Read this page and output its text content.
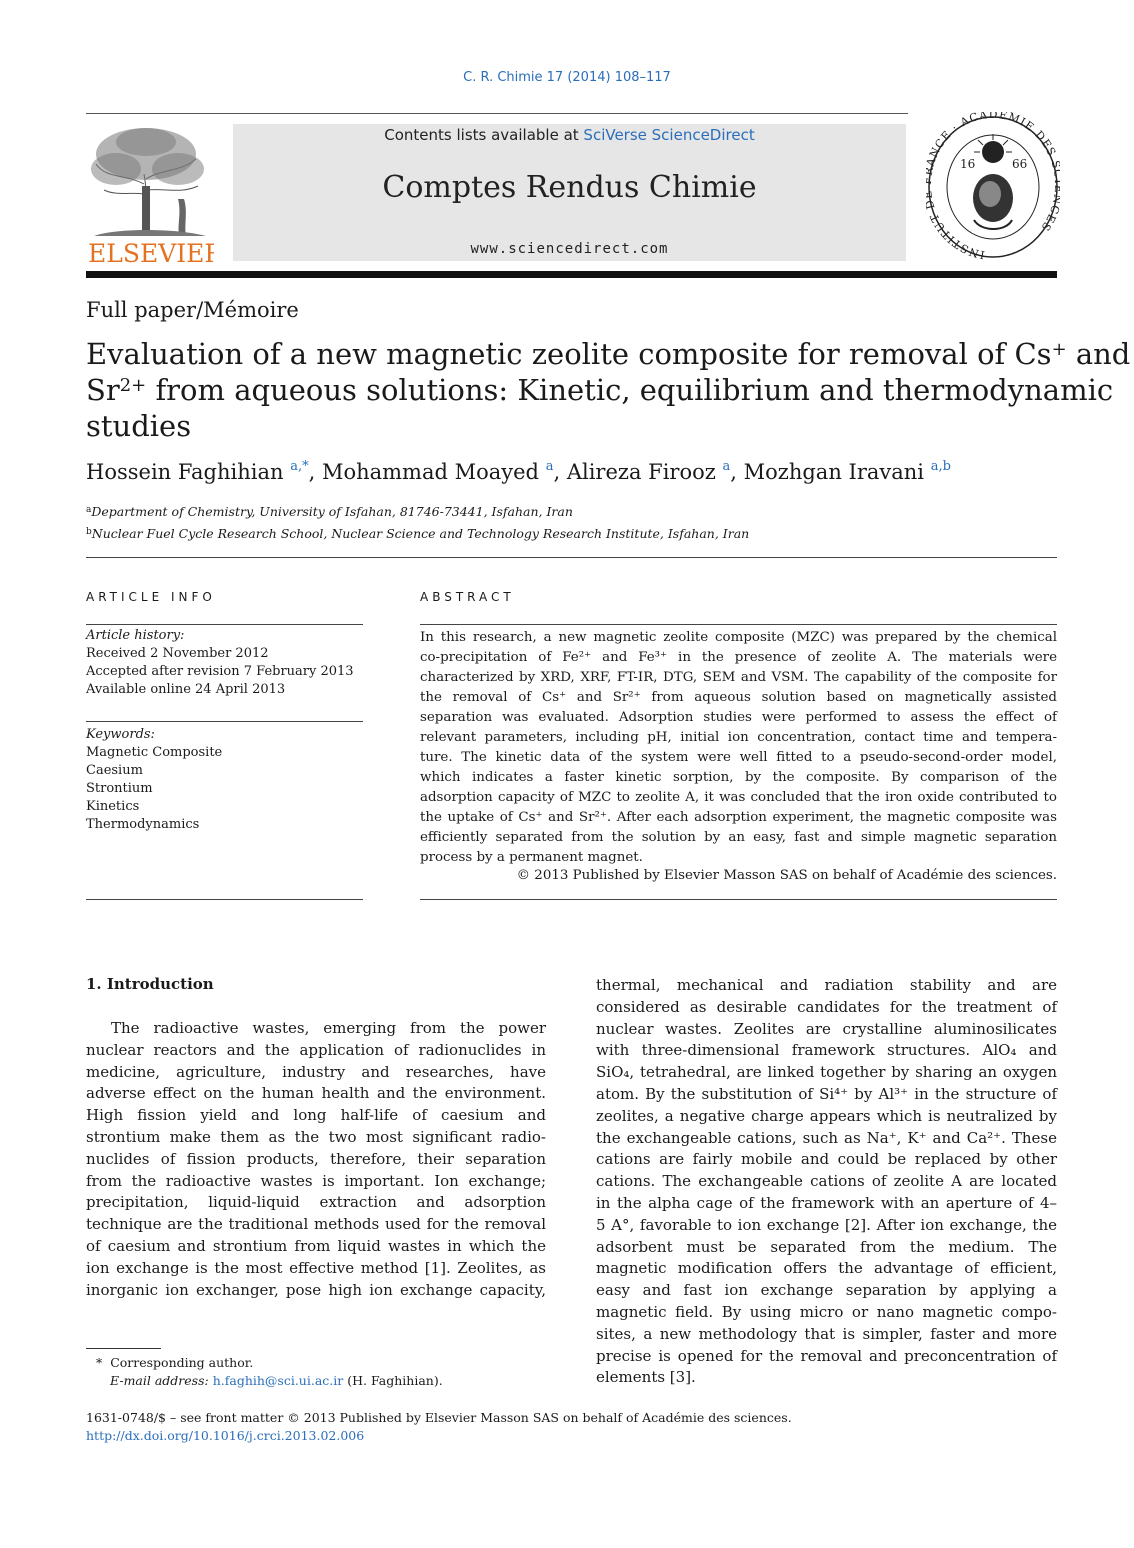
C. R. Chimie 17 (2014) 108–117
ELSEVIER
Contents lists available at SciVerse ScienceDirect
Comptes Rendus Chimie
www.sciencedirect.com	INSTITUT NCE · ACADÉMIE DES ES
16	66
Full paper/Mémoire

Evaluation of a new magnetic zeolite composite for removal of Cs+ and

$Sr^{2+}$ from aqueous solutions: Kinetic, equilibrium and thermodynamic

studies

Hossein Faghihian $^{a,*}$, Mohammad Moayed $^a$, Alireza Firooz $^a$, Mozhgan Iravani $^{a,b}$

$^a$Department of Chemistry, University of Isfahan, 81746-73441, Isfahan, Iran

$^b$Nuclear Fuel Cycle Research School, Nuclear Science and Technology Research Institute, Isfahan, Iran

ARTICLE INFO

Article history:

Received 2 November 2012

Accepted after revision 7 February 2013

Available online 24 April 2013

Keywords:

Magnetic Composite

Caesium

Strontium

Kinetics

Thermodynamics

ABSTRACT
In this research, a new magnetic zeolite composite (MZC) was prepared by the chemical
co-precipitation of Fe²⁺ and Fe³⁺ in the presence of zeolite A. The materials were
characterized by XRD, XRF, FT-IR, DTG, SEM and VSM. The capability of the composite for
the removal of Cs⁺ and Sr²⁺ from aqueous solution based on magnetically assisted
separation was evaluated. Adsorption studies were performed to assess the effect of
relevant parameters, including pH, initial ion concentration, contact time and tempera-
ture. The kinetic data of the system were well fitted to a pseudo-second-order model,
which indicates a faster kinetic sorption, by the composite. By comparison of the
adsorption capacity of MZC to zeolite A, it was concluded that the iron oxide contributed to
the uptake of Cs⁺ and Sr²⁺. After each adsorption experiment, the magnetic composite was
efficiently separated from the solution by an easy, fast and simple magnetic separation
process by a permanent magnet.
© 2013 Published by Elsevier Masson SAS on behalf of Académie des sciences.
1. Introduction
The radioactive wastes, emerging from the power
nuclear reactors and the application of radionuclides in
medicine, agriculture, industry and researches, have
adverse effect on the human health and the environment.
High fission yield and long half-life of caesium and
strontium make them as the two most significant radio-
nuclides of fission products, therefore, their separation
from the radioactive wastes is important. Ion exchange;
precipitation, liquid-liquid extraction and adsorption
technique are the traditional methods used for the removal
of caesium and strontium from liquid wastes in which the
ion exchange is the most effective method [1]. Zeolites, as
inorganic ion exchanger, pose high ion exchange capacity,
thermal, mechanical and radiation stability and are
considered as desirable candidates for the treatment of
nuclear wastes. Zeolites are crystalline aluminosilicates
with three-dimensional framework structures. AlO₄ and
SiO₄, tetrahedral, are linked together by sharing an oxygen
atom. By the substitution of Si⁴⁺ by Al³⁺ in the structure of
zeolites, a negative charge appears which is neutralized by
the exchangeable cations, such as Na⁺, K⁺ and Ca²⁺. These
cations are fairly mobile and could be replaced by other
cations. The exchangeable cations of zeolite A are located
in the alpha cage of the framework with an aperture of 4–
5 A°, favorable to ion exchange [2]. After ion exchange, the
adsorbent must be separated from the medium. The
magnetic modification offers the advantage of efficient,
easy and fast ion exchange separation by applying a
magnetic field. By using micro or nano magnetic compo-
sites, a new methodology that is simpler, faster and more
precise is opened for the removal and preconcentration of
elements [3].

* Corresponding author.

E-mail address: h.faghih@sci.ui.ac.ir (H. Faghihian).

1631-0748/$ – see front matter © 2013 Published by Elsevier Masson SAS on behalf of Académie des sciences.

http://dx.doi.org/10.1016/j.crci.2013.02.006
